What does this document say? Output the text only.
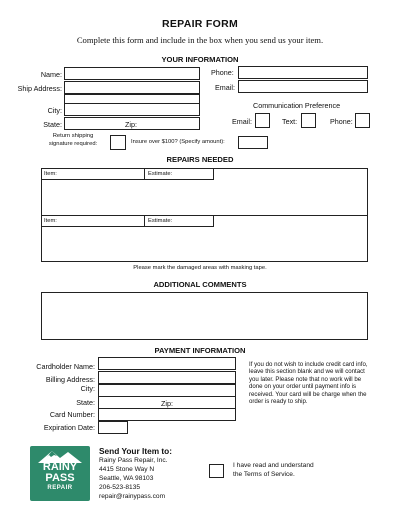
REPAIR FORM
Complete this form and include in the box when you send us your item.
YOUR INFORMATION
Name:
Ship Address:
City:
State:	Zip:
Phone:
Email:
Communication Preference
Email:	Text:	Phone:
Return shipping
signature required:	Insure over $100? (Specify amount):
REPAIRS NEEDED
Item:	Estimate:
Item:	Estimate:
Please mark the damaged areas with masking tape.
ADDITIONAL COMMENTS
PAYMENT INFORMATION
Cardholder Name:
Billing Address:
City:
State:	Zip:
Card Number:
Expiration Date:
If you do not wish to include credit card info, leave this section blank and we will contact you later. Please note that no work will be done on your order until payment info is received. Your card will be charge when the order is ready to ship.
RAINY
PASS
REPAIR
Send Your Item to:
Rainy Pass Repair, Inc.
4415 Stone Way N
Seattle, WA 98103
206-523-8135
repair@rainypass.com
I have read and understand
the Terms of Service.
